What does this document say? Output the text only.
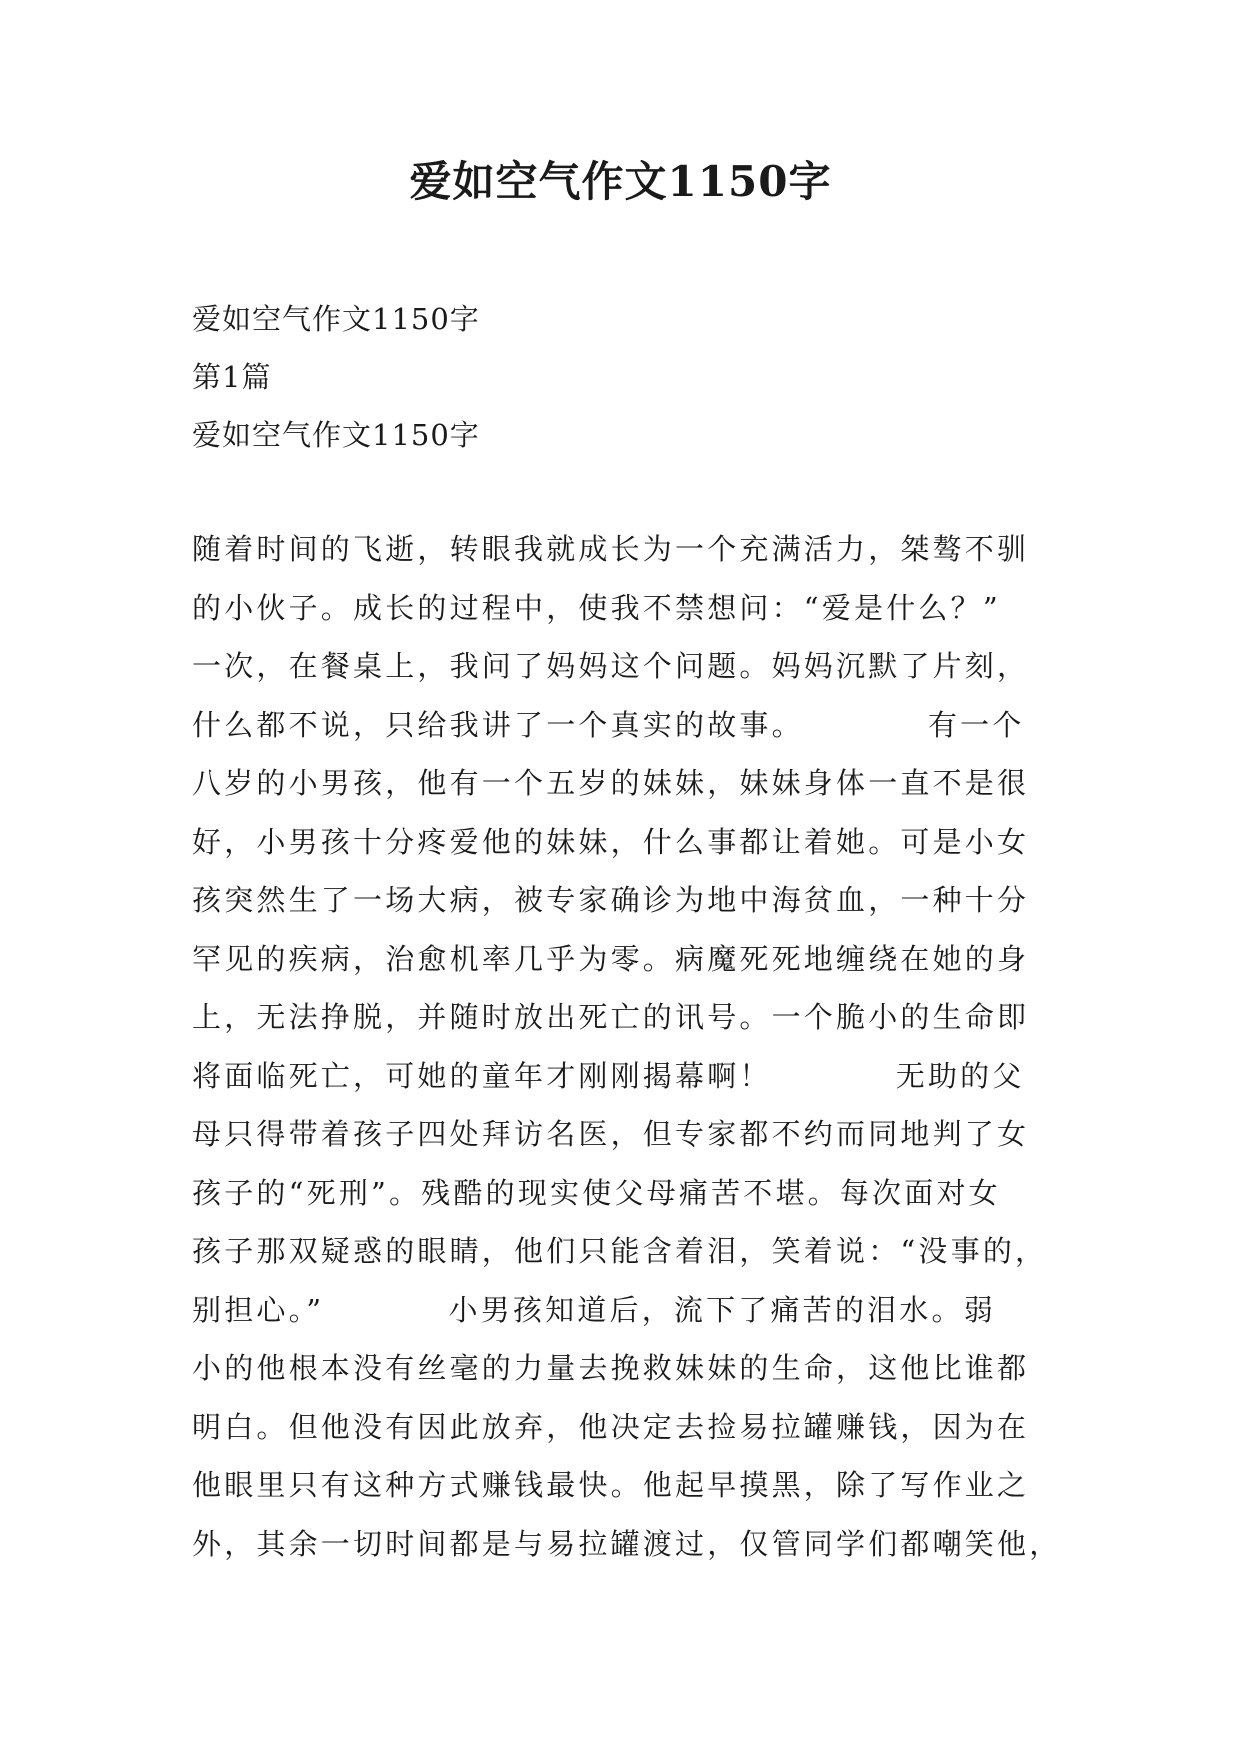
爱如空气作文1150字
爱如空气作文1150字
第1篇
爱如空气作文1150字
随着时间的飞逝，转眼我就成长为一个充满活力，桀骜不驯
的小伙子。成长的过程中，使我不禁想问：“爱是什么？”
一次，在餐桌上，我问了妈妈这个问题。妈妈沉默了片刻，
什么都不说，只给我讲了一个真实的故事。          有一个
八岁的小男孩，他有一个五岁的妹妹，妹妹身体一直不是很
好，小男孩十分疼爱他的妹妹，什么事都让着她。可是小女
孩突然生了一场大病，被专家确诊为地中海贫血，一种十分
罕见的疾病，治愈机率几乎为零。病魔死死地缠绕在她的身
上，无法挣脱，并随时放出死亡的讯号。一个脆小的生命即
将面临死亡，可她的童年才刚刚揭幕啊！          无助的父
母只得带着孩子四处拜访名医，但专家都不约而同地判了女
孩子的“死刑”。残酷的现实使父母痛苦不堪。每次面对女
孩子那双疑惑的眼睛，他们只能含着泪，笑着说：“没事的，
别担心。”          小男孩知道后，流下了痛苦的泪水。弱
小的他根本没有丝毫的力量去挽救妹妹的生命，这他比谁都
明白。但他没有因此放弃，他决定去捡易拉罐赚钱，因为在
他眼里只有这种方式赚钱最快。他起早摸黑，除了写作业之
外，其余一切时间都是与易拉罐渡过，仅管同学们都嘲笑他，
